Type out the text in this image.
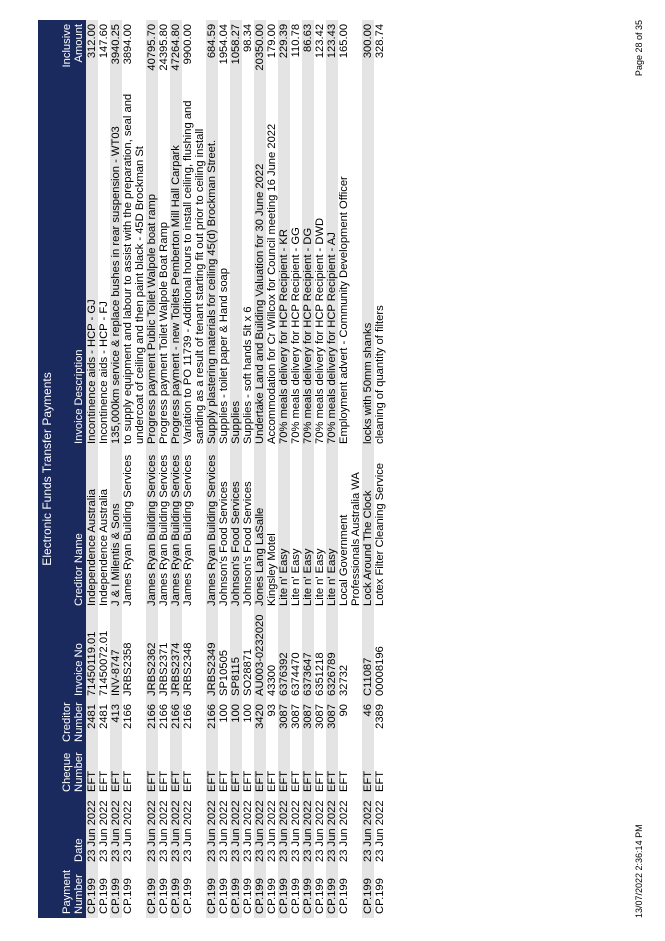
Electronic Funds Transfer Payments							
Payment Number	Date	Cheque Number	Creditor Number	Invoice No	Creditor Name	Invoice Description	Inclusive Amount
CP.199	23 Jun 2022	EFT	2481	71450119.01	Independence Australia	Incontinence aids - HCP - GJ	312.00
CP.199	23 Jun 2022	EFT	2481	71450072.01	Independence Australia	Incontinence aids - HCP - FJ	147.60
CP.199	23 Jun 2022	EFT	413	INV-8747	J & I Milentis & Sons	135,000km service & replace bushes in rear suspension - WT03	3940.25
CP.199	23 Jun 2022	EFT	2166	JRBS2358	James Ryan Building Services	to supply equipment and labour to assist with the preparation, seal and undercoat of ceiling and then paint black - 45D Brockman St	3894.00
CP.199	23 Jun 2022	EFT	2166	JRBS2362	James Ryan Building Services	Progress payment Public Toilet Walpole boat ramp	40795.70
CP.199	23 Jun 2022	EFT	2166	JRBS2371	James Ryan Building Services	Progress payment Toilet Walpole Boat Ramp	24395.80
CP.199	23 Jun 2022	EFT	2166	JRBS2374	James Ryan Building Services	Progress payment - new Toilets Pemberton Mill Hall Carpark	47264.80
CP.199	23 Jun 2022	EFT	2166	JRBS2348	James Ryan Building Services	Variation to PO 11739 - Additional hours to install ceiling, flushing and sanding as a result of tenant starting fit out prior to ceiling install	9900.00
CP.199	23 Jun 2022	EFT	2166	JRBS2349	James Ryan Building Services	Supply plastering materials for ceiling 45(d) Brockman Street.	684.59
CP.199	23 Jun 2022	EFT	100	SP10505	Johnson's Food Services	Supplies - toilet paper & Hand soap	1954.04
CP.199	23 Jun 2022	EFT	100	SP8115	Johnson's Food Services	Supplies	1058.27
CP.199	23 Jun 2022	EFT	100	SO28871	Johnson's Food Services	Supplies - soft hands 5lt x 6	98.34
CP.199	23 Jun 2022	EFT	3420	AU003-0232020	Jones Lang LaSalle	Undertake Land and Building Valuation for 30 June 2022	20350.00
CP.199	23 Jun 2022	EFT	93	43300	Kingsley Motel	Accommodation for Cr Willcox for Council meeting 16 June 2022	179.00
CP.199	23 Jun 2022	EFT	3087	6376392	Lite n' Easy	70% meals delivery for HCP Recipient - KR	229.39
CP.199	23 Jun 2022	EFT	3087	6374470	Lite n' Easy	70% meals delivery for HCP Recipient - GG	110.78
CP.199	23 Jun 2022	EFT	3087	6373647	Lite n' Easy	70% meals delivery for HCP Recipient - DG	86.63
CP.199	23 Jun 2022	EFT	3087	6351218	Lite n' Easy	70% meals delivery for HCP Recipient - DWD	123.42
CP.199	23 Jun 2022	EFT	3087	6326789	Lite n' Easy	70% meals delivery for HCP Recipient - AJ	123.43
CP.199	23 Jun 2022	EFT	90	32732	Local Government Professionals Australia WA	Employment advert - Community Development Officer	165.00
CP.199	23 Jun 2022	EFT	46	C11087	Lock Around The Clock	locks with 50mm shanks	300.00
CP.199	23 Jun 2022	EFT	2389	00008196	Lotex Filter Cleaning Service	cleaning of quantity of filters	328.74
13/07/2022 2:36:14 PM
Page 28 of 35
